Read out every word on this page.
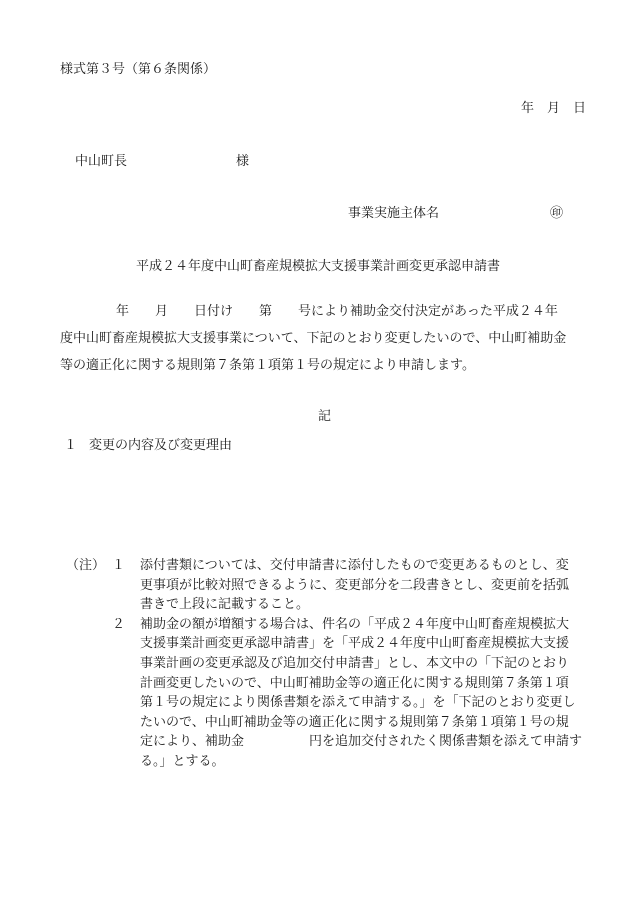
様式第３号（第６条関係）
年　月　日
中山町長	様
事業実施主体名	㊞
平成２４年度中山町畜産規模拡大支援事業計画変更承認申請書
年　　月　　日付け　　第　　号により補助金交付決定があった平成２４年
度中山町畜産規模拡大支援事業について、下記のとおり変更したいので、中山町補助金
等の適正化に関する規則第７条第１項第１号の規定により申請します。
記
１ 変更の内容及び変更理由
（注） １ 添付書類については、交付申請書に添付したもので変更あるものとし、変
更事項が比較対照できるように、変更部分を二段書きとし、変更前を括弧
書きで上段に記載すること。
２ 補助金の額が増額する場合は、件名の「平成２４年度中山町畜産規模拡大
支援事業計画変更承認申請書」を「平成２４年度中山町畜産規模拡大支援
事業計画の変更承認及び追加交付申請書」とし、本文中の「下記のとおり
計画変更したいので、中山町補助金等の適正化に関する規則第７条第１項
第１号の規定により関係書類を添えて申請する。」を「下記のとおり変更し
たいので、中山町補助金等の適正化に関する規則第７条第１項第１号の規
定により、補助金　　　　　円を追加交付されたく関係書類を添えて申請す
る。」とする。
